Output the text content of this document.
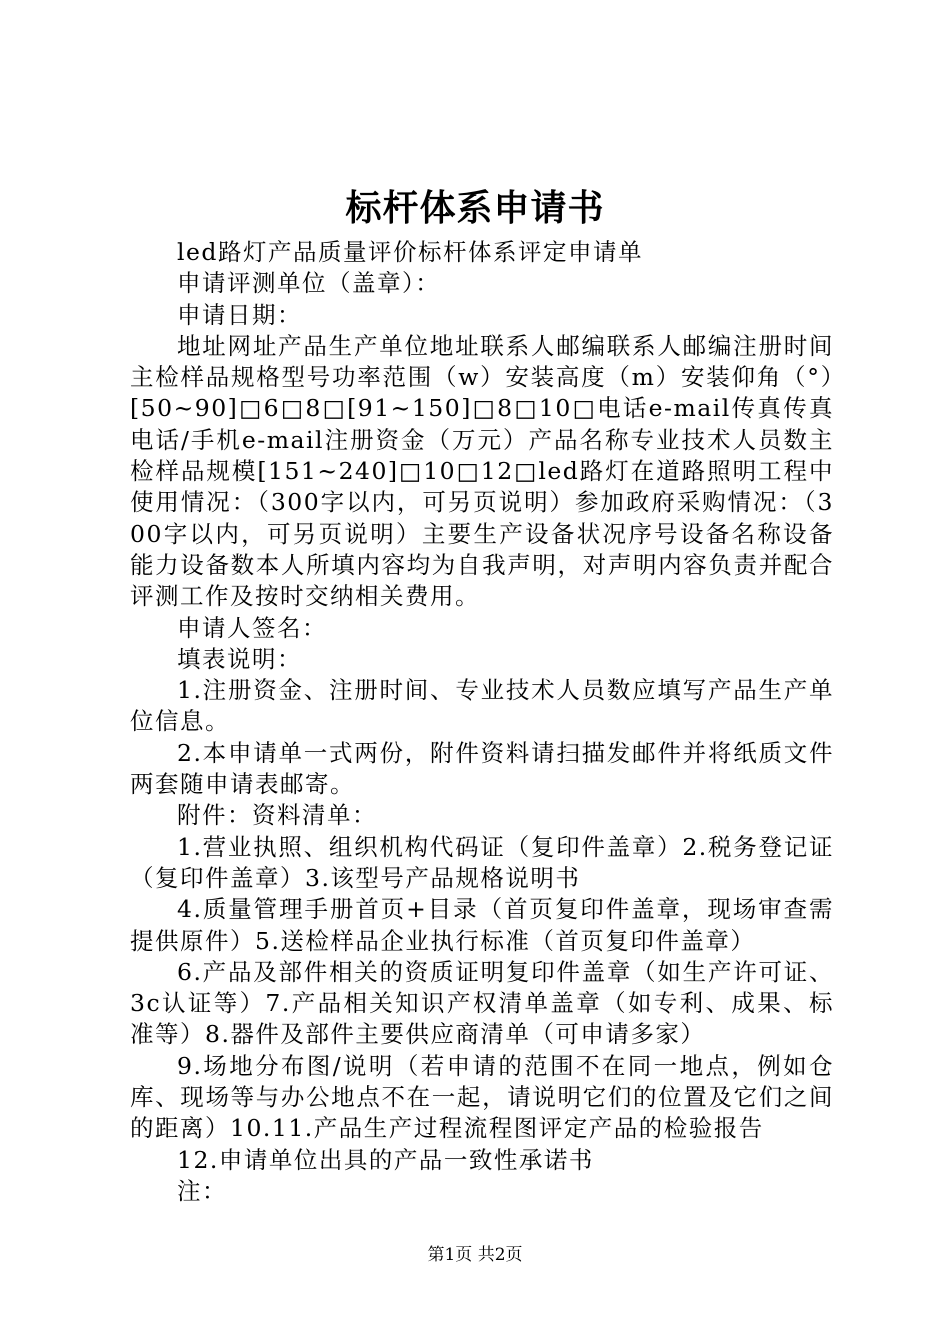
标杆体系申请书

led路灯产品质量评价标杆体系评定申请单

申请评测单位（盖章）：

申请日期：

地址网址产品生产单位地址联系人邮编联系人邮编注册时间主检样品规格型号功率范围（w）安装高度（m）安装仰角（°）[50~90]□6□8□[91~150]□8□10□电话e-mail传真传真电话/手机e-mail注册资金（万元）产品名称专业技术人员数主检样品规模[151~240]□10□12□led路灯在道路照明工程中使用情况：（300字以内，可另页说明）参加政府采购情况：（300字以内，可另页说明）主要生产设备状况序号设备名称设备能力设备数本人所填内容均为自我声明，对声明内容负责并配合评测工作及按时交纳相关费用。

申请人签名：

填表说明：

1.注册资金、注册时间、专业技术人员数应填写产品生产单位信息。

2.本申请单一式两份，附件资料请扫描发邮件并将纸质文件两套随申请表邮寄。

附件：资料清单：

1.营业执照、组织机构代码证（复印件盖章）2.税务登记证（复印件盖章）3.该型号产品规格说明书

4.质量管理手册首页+目录（首页复印件盖章，现场审查需提供原件）5.送检样品企业执行标准（首页复印件盖章）

6.产品及部件相关的资质证明复印件盖章（如生产许可证、3c认证等）7.产品相关知识产权清单盖章（如专利、成果、标准等）8.器件及部件主要供应商清单（可申请多家）

9.场地分布图/说明（若申请的范围不在同一地点，例如仓库、现场等与办公地点不在一起，请说明它们的位置及它们之间的距离）10.11.产品生产过程流程图评定产品的检验报告

12.申请单位出具的产品一致性承诺书

注：

第1页 共2页
